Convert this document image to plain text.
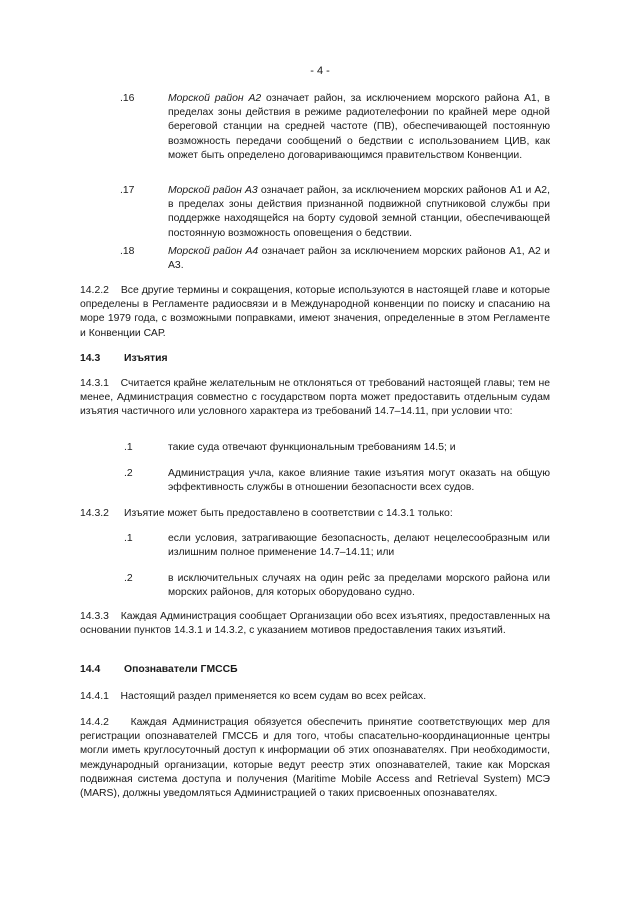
- 4 -
.16	Морской район А2 означает район, за исключением морского района А1, в пределах зоны действия в режиме радиотелефонии по крайней мере одной береговой станции на средней частоте (ПВ), обеспечивающей постоянную возможность передачи сообщений о бедствии с использованием ЦИВ, как может быть определено договаривающимся правительством Конвенции.
.17	Морской район А3 означает район, за исключением морских районов А1 и А2, в пределах зоны действия признанной подвижной спутниковой службы при поддержке находящейся на борту судовой земной станции, обеспечивающей постоянную возможность оповещения о бедствии.
.18	Морской район А4 означает район за исключением морских районов А1, А2 и А3.
14.2.2 Все другие термины и сокращения, которые используются в настоящей главе и которые определены в Регламенте радиосвязи и в Международной конвенции по поиску и спасанию на море 1979 года, с возможными поправками, имеют значения, определенные в этом Регламенте и Конвенции САР.
14.3 Изъятия
14.3.1 Считается крайне желательным не отклоняться от требований настоящей главы; тем не менее, Администрация совместно с государством порта может предоставить отдельным судам изъятия частичного или условного характера из требований 14.7–14.11, при условии что:
.1	такие суда отвечают функциональным требованиям 14.5; и
.2	Администрация учла, какое влияние такие изъятия могут оказать на общую эффективность службы в отношении безопасности всех судов.
14.3.2 Изъятие может быть предоставлено в соответствии с 14.3.1 только:
.1	если условия, затрагивающие безопасность, делают нецелесообразным или излишним полное применение 14.7–14.11; или
.2	в исключительных случаях на один рейс за пределами морского района или морских районов, для которых оборудовано судно.
14.3.3 Каждая Администрация сообщает Организации обо всех изъятиях, предоставленных на основании пунктов 14.3.1 и 14.3.2, с указанием мотивов предоставления таких изъятий.
14.4 Опознаватели ГМССБ
14.4.1 Настоящий раздел применяется ко всем судам во всех рейсах.
14.4.2 Каждая Администрация обязуется обеспечить принятие соответствующих мер для регистрации опознавателей ГМССБ и для того, чтобы спасательно-координационные центры могли иметь круглосуточный доступ к информации об этих опознавателях. При необходимости, международный организации, которые ведут реестр этих опознавателей, такие как Морская подвижная система доступа и получения (Maritime Mobile Access and Retrieval System) МСЭ (MARS), должны уведомляться Администрацией о таких присвоенных опознавателях.
